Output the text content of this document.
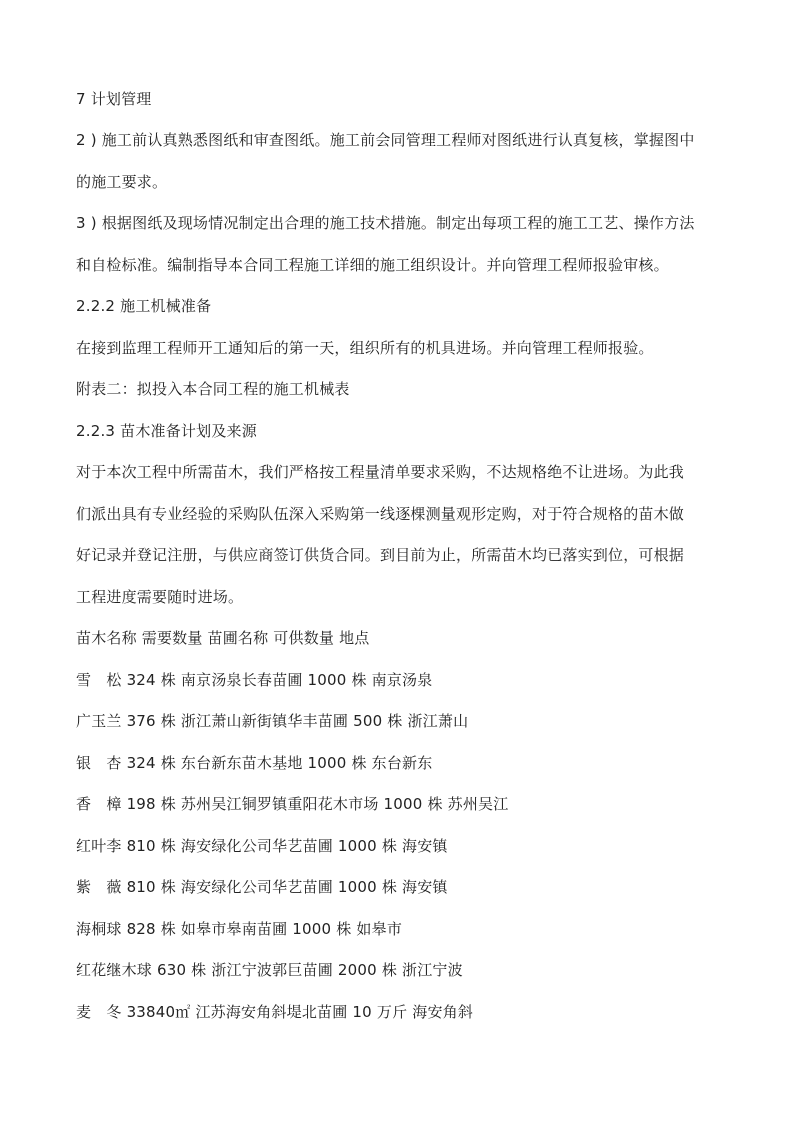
7 计划管理
2 ) 施工前认真熟悉图纸和审查图纸。施工前会同管理工程师对图纸进行认真复核，掌握图中
的施工要求。
3 ) 根据图纸及现场情况制定出合理的施工技术措施。制定出每项工程的施工工艺、操作方法
和自检标准。编制指导本合同工程施工详细的施工组织设计。并向管理工程师报验审核。
2.2.2 施工机械准备
在接到监理工程师开工通知后的第一天，组织所有的机具进场。并向管理工程师报验。
附表二：拟投入本合同工程的施工机械表
2.2.3 苗木准备计划及来源
对于本次工程中所需苗木，我们严格按工程量清单要求采购，不达规格绝不让进场。为此我
们派出具有专业经验的采购队伍深入采购第一线逐棵测量观形定购，对于符合规格的苗木做
好记录并登记注册，与供应商签订供货合同。到目前为止，所需苗木均已落实到位，可根据
工程进度需要随时进场。
苗木名称 需要数量 苗圃名称 可供数量 地点
雪　松 324 株 南京汤泉长春苗圃 1000 株 南京汤泉
广玉兰 376 株 浙江萧山新街镇华丰苗圃 500 株 浙江萧山
银　杏 324 株 东台新东苗木基地 1000 株 东台新东
香　樟 198 株 苏州吴江铜罗镇重阳花木市场 1000 株 苏州吴江
红叶李 810 株 海安绿化公司华艺苗圃 1000 株 海安镇
紫　薇 810 株 海安绿化公司华艺苗圃 1000 株 海安镇
海桐球 828 株 如皋市皋南苗圃 1000 株 如皋市
红花继木球 630 株 浙江宁波郭巨苗圃 2000 株 浙江宁波
麦　冬 33840㎡ 江苏海安角斜堤北苗圃 10 万斤 海安角斜
